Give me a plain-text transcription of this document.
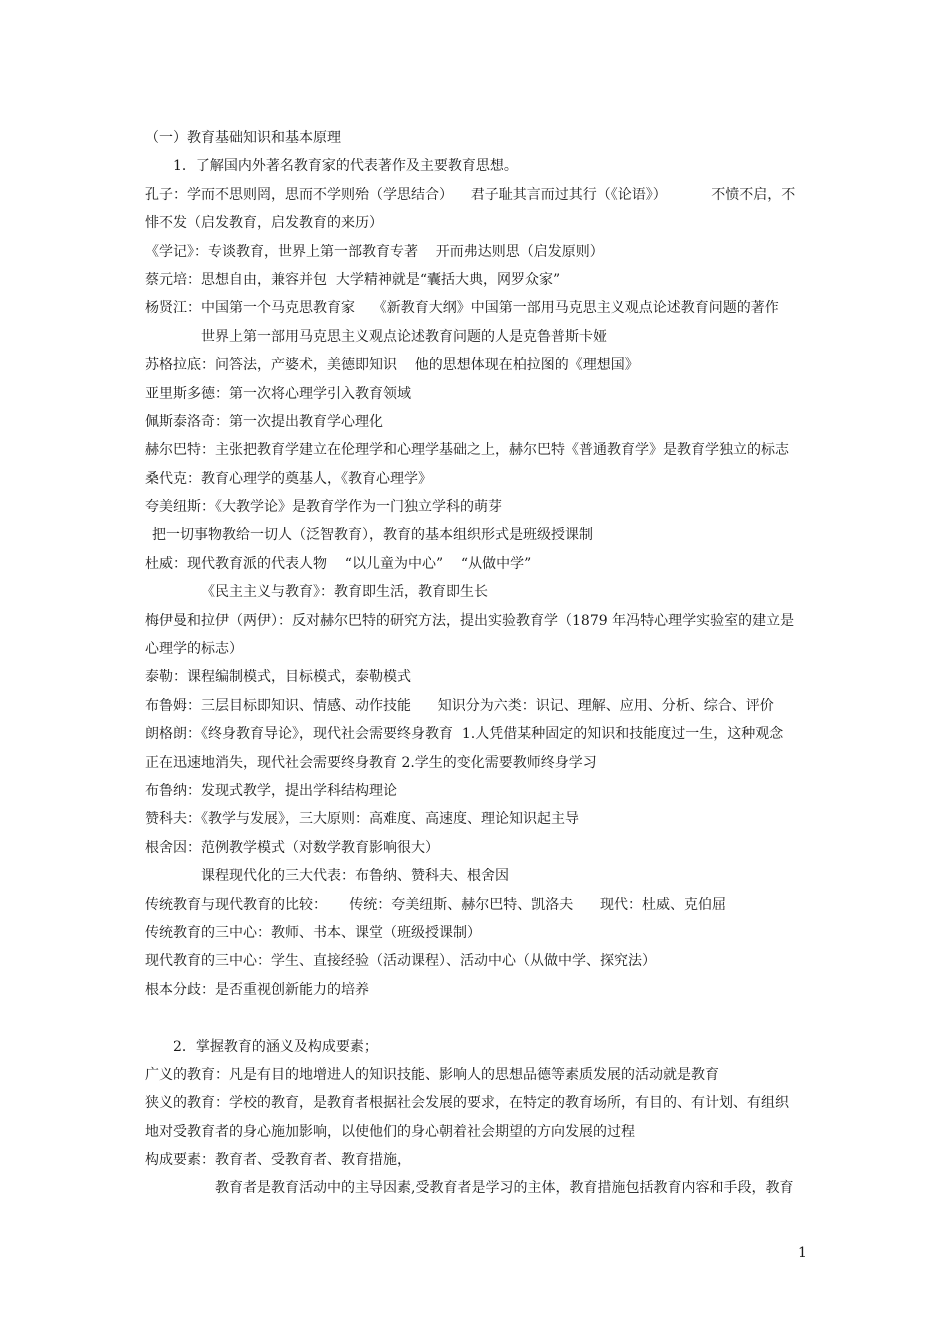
（一）教育基础知识和基本原理
1．了解国内外著名教育家的代表著作及主要教育思想。
孔子：学而不思则罔，思而不学则殆（学思结合）    君子耻其言而过其行（《论语》）          不愤不启，不
悱不发（启发教育，启发教育的来历）
《学记》：专谈教育，世界上第一部教育专著    开而弗达则思（启发原则）
蔡元培：思想自由，兼容并包  大学精神就是“囊括大典，网罗众家”
杨贤江：中国第一个马克思教育家    《新教育大纲》中国第一部用马克思主义观点论述教育问题的著作
世界上第一部用马克思主义观点论述教育问题的人是克鲁普斯卡娅
苏格拉底：问答法，产婆术，美德即知识    他的思想体现在柏拉图的《理想国》
亚里斯多德：第一次将心理学引入教育领域
佩斯泰洛奇：第一次提出教育学心理化
赫尔巴特：主张把教育学建立在伦理学和心理学基础之上，赫尔巴特《普通教育学》是教育学独立的标志
桑代克：教育心理学的奠基人，《教育心理学》
夸美纽斯：《大教学论》是教育学作为一门独立学科的萌芽
把一切事物教给一切人（泛智教育），教育的基本组织形式是班级授课制
杜威：现代教育派的代表人物    “以儿童为中心”    “从做中学”
《民主主义与教育》：教育即生活，教育即生长
梅伊曼和拉伊（两伊）：反对赫尔巴特的研究方法，提出实验教育学（1879 年冯特心理学实验室的建立是
心理学的标志）
泰勒：课程编制模式，目标模式，泰勒模式
布鲁姆：三层目标即知识、情感、动作技能      知识分为六类：识记、理解、应用、分析、综合、评价
朗格朗：《终身教育导论》，现代社会需要终身教育  1.人凭借某种固定的知识和技能度过一生，这种观念
正在迅速地消失，现代社会需要终身教育 2.学生的变化需要教师终身学习
布鲁纳：发现式教学，提出学科结构理论
赞科夫：《教学与发展》，三大原则：高难度、高速度、理论知识起主导
根舍因：范例教学模式（对数学教育影响很大）
课程现代化的三大代表：布鲁纳、赞科夫、根舍因
传统教育与现代教育的比较：     传统：夸美纽斯、赫尔巴特、凯洛夫      现代：杜威、克伯屈
传统教育的三中心：教师、书本、课堂（班级授课制）
现代教育的三中心：学生、直接经验（活动课程）、活动中心（从做中学、探究法）
根本分歧：是否重视创新能力的培养
2．掌握教育的涵义及构成要素；
广义的教育：凡是有目的地增进人的知识技能、影响人的思想品德等素质发展的活动就是教育
狭义的教育：学校的教育，是教育者根据社会发展的要求，在特定的教育场所，有目的、有计划、有组织
地对受教育者的身心施加影响，以使他们的身心朝着社会期望的方向发展的过程
构成要素：教育者、受教育者、教育措施，
教育者是教育活动中的主导因素,受教育者是学习的主体，教育措施包括教育内容和手段，教育
1
